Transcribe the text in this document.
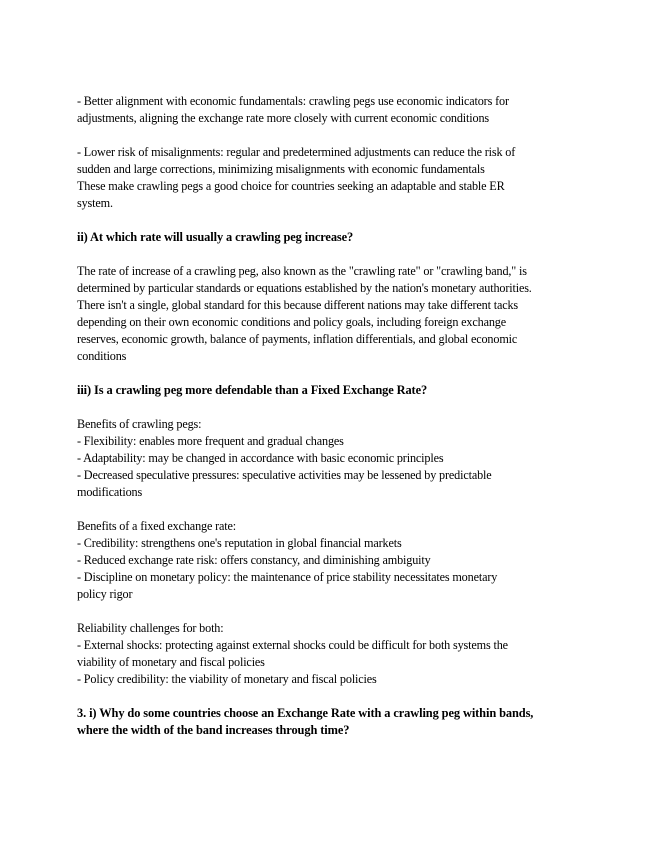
- Better alignment with economic fundamentals: crawling pegs use economic indicators for
adjustments, aligning the exchange rate more closely with current economic conditions
- Lower risk of misalignments: regular and predetermined adjustments can reduce the risk of
sudden and large corrections, minimizing misalignments with economic fundamentals
These make crawling pegs a good choice for countries seeking an adaptable and stable ER
system.
ii) At which rate will usually a crawling peg increase?
The rate of increase of a crawling peg, also known as the "crawling rate" or "crawling band," is
determined by particular standards or equations established by the nation's monetary authorities.
There isn't a single, global standard for this because different nations may take different tacks
depending on their own economic conditions and policy goals, including foreign exchange
reserves, economic growth, balance of payments, inflation differentials, and global economic
conditions
iii) Is a crawling peg more defendable than a Fixed Exchange Rate?
Benefits of crawling pegs:
- Flexibility: enables more frequent and gradual changes
- Adaptability: may be changed in accordance with basic economic principles
- Decreased speculative pressures: speculative activities may be lessened by predictable
modifications
Benefits of a fixed exchange rate:
- Credibility: strengthens one's reputation in global financial markets
- Reduced exchange rate risk: offers constancy, and diminishing ambiguity
- Discipline on monetary policy: the maintenance of price stability necessitates monetary
policy rigor
Reliability challenges for both:
- External shocks: protecting against external shocks could be difficult for both systems the
viability of monetary and fiscal policies
- Policy credibility: the viability of monetary and fiscal policies
3. i) Why do some countries choose an Exchange Rate with a crawling peg within bands,
where the width of the band increases through time?
